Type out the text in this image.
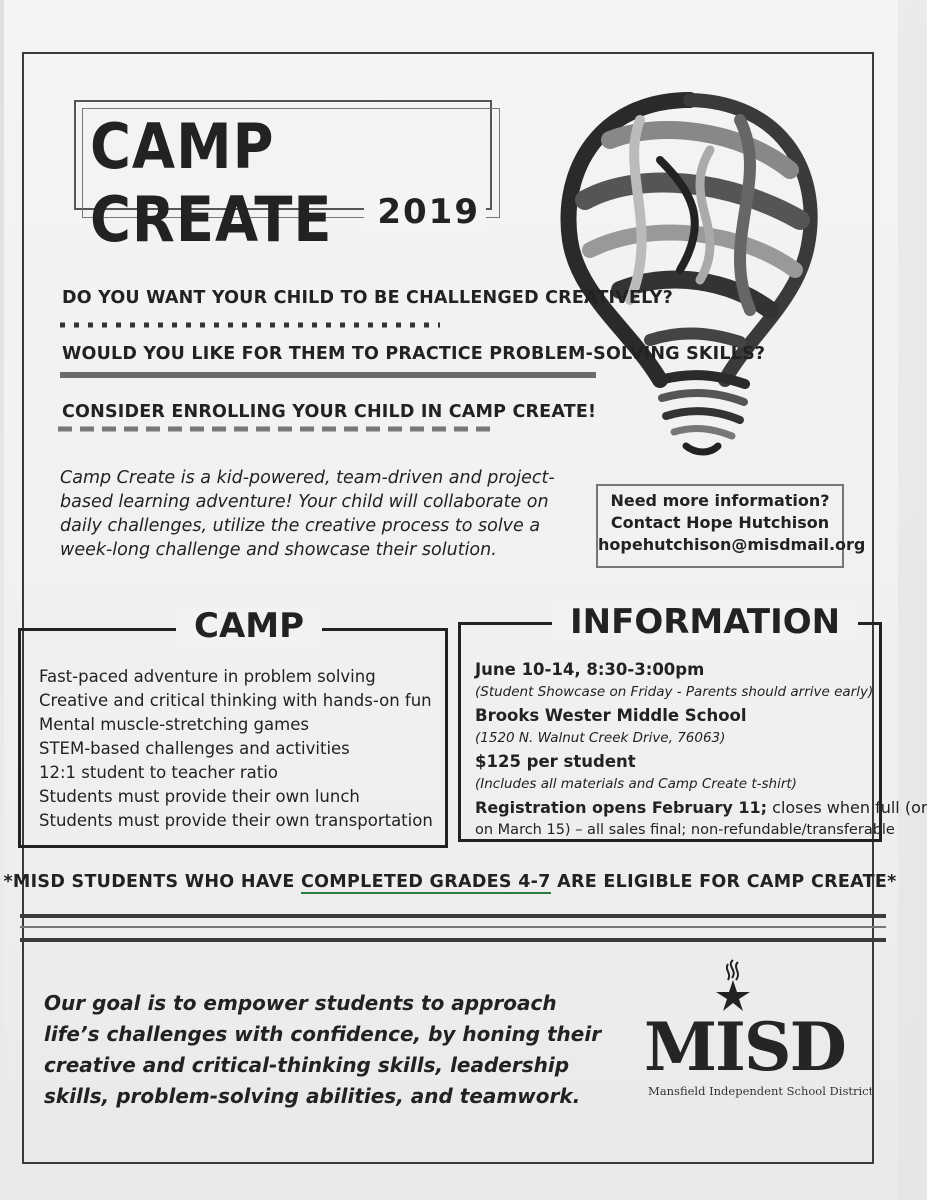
CAMP CREATE	2019
DO YOU WANT YOUR CHILD TO BE CHALLENGED CREATIVELY?
WOULD YOU LIKE FOR THEM TO PRACTICE PROBLEM-SOLVING SKILLS?
CONSIDER ENROLLING YOUR CHILD IN CAMP CREATE!
Camp Create is a kid-powered, team-driven and project-based learning adventure! Your child will collaborate on daily challenges, utilize the creative process to solve a week-long challenge and showcase their solution.
Need more information?
Contact Hope Hutchison
hopehutchison@misdmail.org
Fast-paced adventure in problem solving
Creative and critical thinking with hands-on fun
Mental muscle-stretching games
STEM-based challenges and activities
12:1 student to teacher ratio
Students must provide their own lunch
Students must provide their own transportation
CAMP
June 10-14, 8:30-3:00pm
(Student Showcase on Friday - Parents should arrive early)
Brooks Wester Middle School
(1520 N. Walnut Creek Drive, 76063)
$125 per student
(Includes all materials and Camp Create t-shirt)
Registration opens February 11; closes when full (or
on March 15) – all sales final; non-refundable/transferable
INFORMATION
*MISD STUDENTS WHO HAVE COMPLETED GRADES 4-7 ARE ELIGIBLE FOR CAMP CREATE*
Our goal is to empower students to approach life’s challenges with confidence, by honing their creative and critical-thinking skills, leadership skills, problem-solving abilities, and teamwork.
MISD
Mansfield Independent School District
